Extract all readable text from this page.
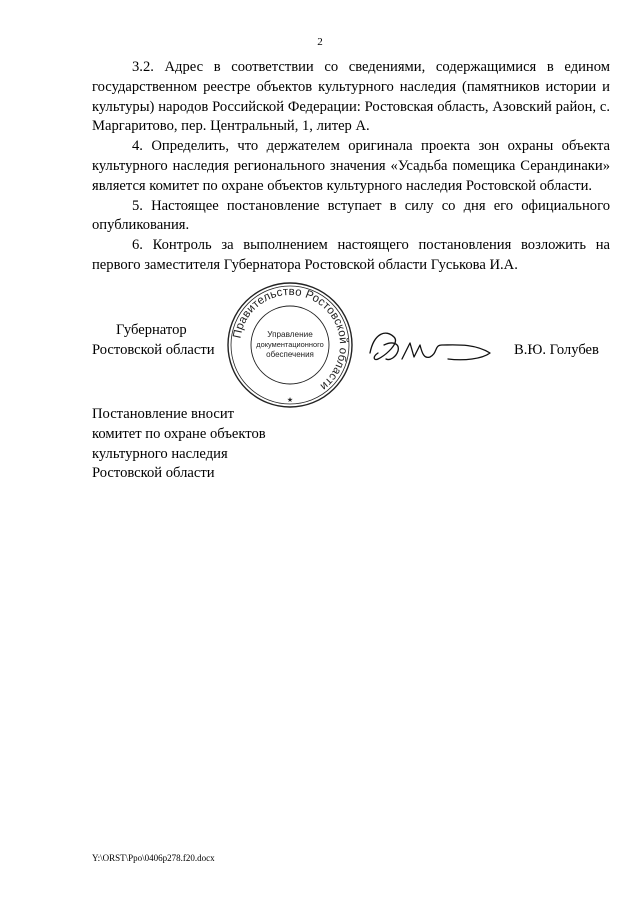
2

3.2. Адрес в соответствии со сведениями, содержащимися в едином государственном реестре объектов культурного наследия (памятников истории и культуры) народов Российской Федерации: Ростовская область, Азовский район, с. Маргаритово, пер. Центральный, 1, литер А.

4. Определить, что держателем оригинала проекта зон охраны объекта культурного наследия регионального значения «Усадьба помещика Серандинаки» является комитет по охране объектов культурного наследия Ростовской области.

5. Настоящее постановление вступает в силу со дня его официального опубликования.

6. Контроль за выполнением настоящего постановления возложить на первого заместителя Губернатора Ростовской области Гуськова И.А.

Губернатор
Ростовской области
Правительство Ростовской области
Управление
документационного
обеспечения
★
В.Ю. Голубев
Постановление вносит
комитет по охране объектов
культурного наследия
Ростовской области
Y:\ORST\Ppo\0406p278.f20.docx
